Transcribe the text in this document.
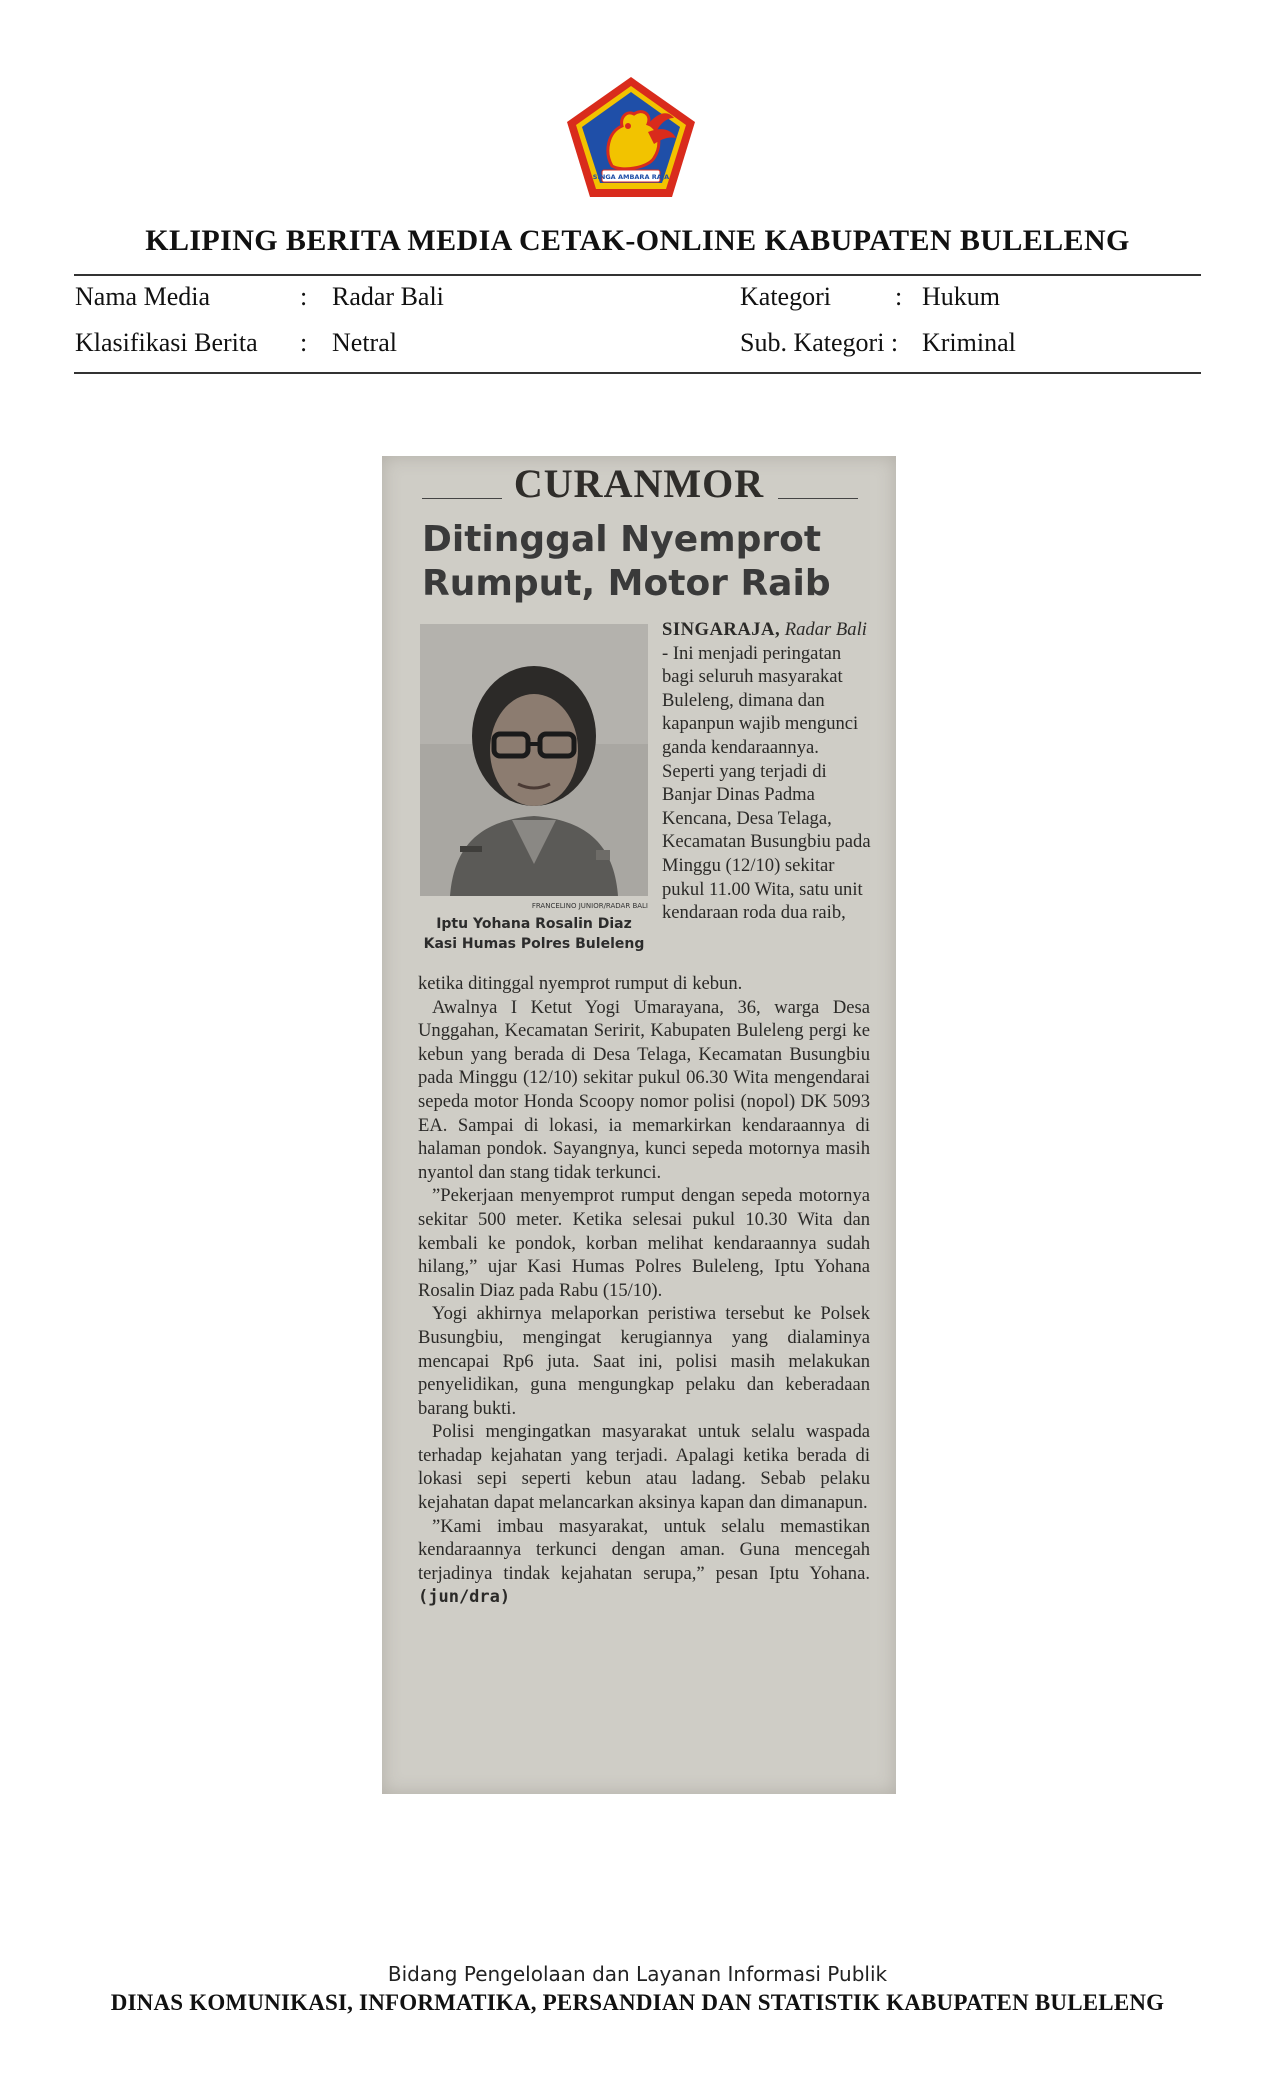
SINGA AMBARA RAJA
KLIPING BERITA MEDIA CETAK-ONLINE KABUPATEN BULELENG
Nama Media	: Radar Bali	Kategori : Hukum
Klasifikasi Berita : Netral	Sub. Kategori : Kriminal
CURANMOR
Ditinggal Nyemprot Rumput, Motor Raib
FRANCELINO JUNIOR/RADAR BALI
Iptu Yohana Rosalin Diaz
Kasi Humas Polres Buleleng

SINGARAJA, Radar Bali - Ini menjadi peringatan bagi seluruh masyarakat Buleleng, dimana dan kapanpun wajib mengunci ganda kendaraannya. Seperti yang terjadi di Banjar Dinas Padma Kencana, Desa Telaga, Kecamatan Busungbiu pada Minggu (12/10) sekitar pukul 11.00 Wita, satu unit kendaraan roda dua raib,

ketika ditinggal nyemprot rumput di kebun.

Awalnya I Ketut Yogi Umarayana, 36, warga Desa Unggahan, Kecamatan Seririt, Kabupaten Buleleng pergi ke kebun yang berada di Desa Telaga, Kecamatan Busungbiu pada Minggu (12/10) sekitar pukul 06.30 Wita mengendarai sepeda motor Honda Scoopy nomor polisi (nopol) DK 5093 EA. Sampai di lokasi, ia memarkirkan kendaraannya di halaman pondok. Sayangnya, kunci sepeda motornya masih nyantol dan stang tidak terkunci.

”Pekerjaan menyemprot rumput dengan sepeda motornya sekitar 500 meter. Ketika selesai pukul 10.30 Wita dan kembali ke pondok, korban melihat kendaraannya sudah hilang,” ujar Kasi Humas Polres Buleleng, Iptu Yohana Rosalin Diaz pada Rabu (15/10).

Yogi akhirnya melaporkan peristiwa tersebut ke Polsek Busungbiu, mengingat kerugiannya yang dialaminya mencapai Rp6 juta. Saat ini, polisi masih melakukan penyelidikan, guna mengungkap pelaku dan keberadaan barang bukti.

Polisi mengingatkan masyarakat untuk selalu waspada terhadap kejahatan yang terjadi. Apalagi ketika berada di lokasi sepi seperti kebun atau ladang. Sebab pelaku kejahatan dapat melancarkan aksinya kapan dan dimanapun.

”Kami imbau masyarakat, untuk selalu memastikan kendaraannya terkunci dengan aman. Guna mencegah terjadinya tindak kejahatan serupa,” pesan Iptu Yohana. (jun/dra)

Bidang Pengelolaan dan Layanan Informasi Publik
DINAS KOMUNIKASI, INFORMATIKA, PERSANDIAN DAN STATISTIK KABUPATEN BULELENG
